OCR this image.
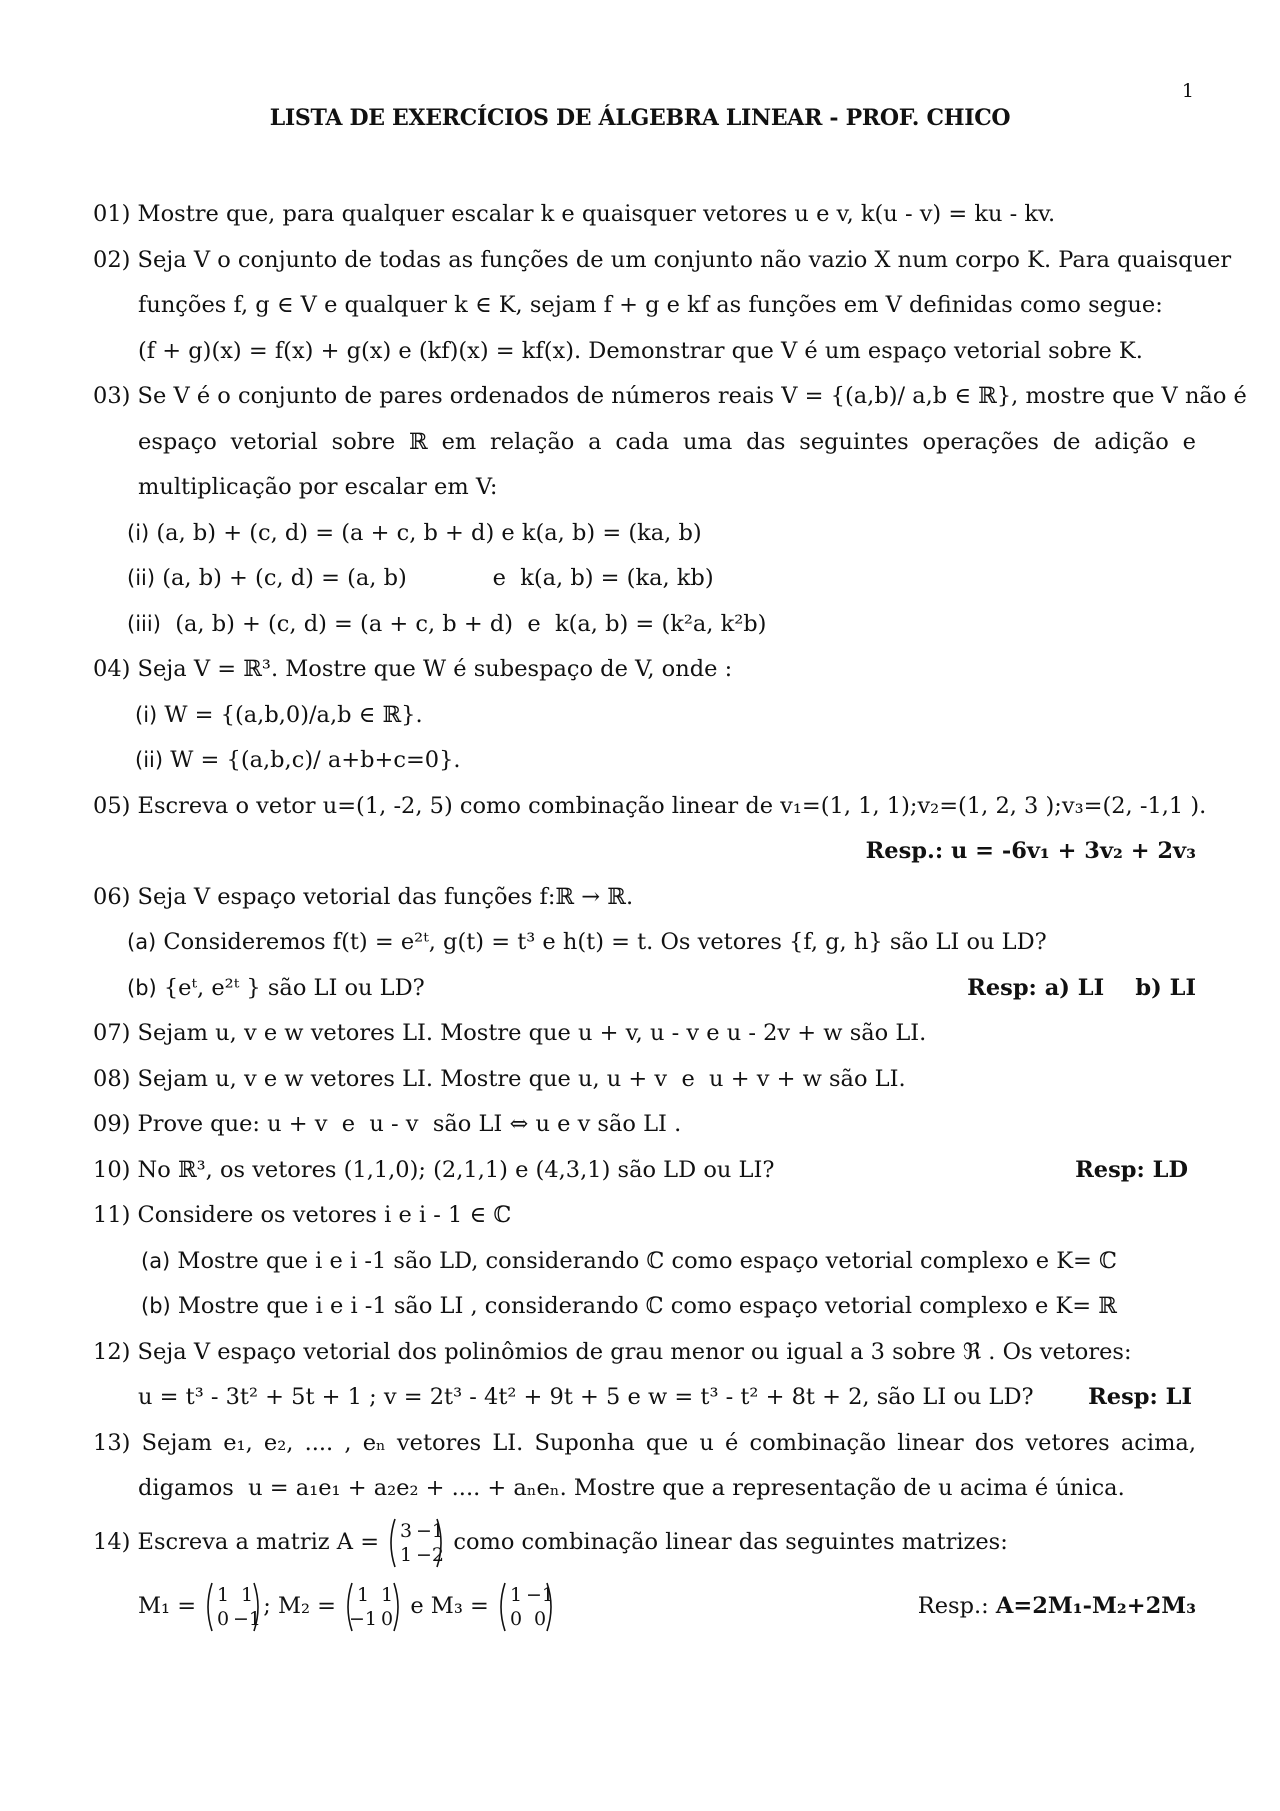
1
LISTA DE EXERCÍCIOS DE ÁLGEBRA LINEAR - PROF. CHICO
01) Mostre que, para qualquer escalar k e quaisquer vetores u e v, k(u - v) = ku - kv.
02) Seja V o conjunto de todas as funções de um conjunto não vazio X num corpo K. Para quaisquer
funções f, g ∈ V e qualquer k ∈ K, sejam f + g e kf as funções em V definidas como segue:
(f + g)(x) = f(x) + g(x) e (kf)(x) = kf(x). Demonstrar que V é um espaço vetorial sobre K.
03) Se V é o conjunto de pares ordenados de números reais V = {(a,b)/ a,b ∈ ℝ}, mostre que V não é
espaço vetorial sobre ℝ em relação a cada uma das seguintes operações de adição e
multiplicação por escalar em V:
(i) (a, b) + (c, d) = (a + c, b + d) e k(a, b) = (ka, b)
(ii) (a, b) + (c, d) = (a, b)            e  k(a, b) = (ka, kb)
(iii)  (a, b) + (c, d) = (a + c, b + d)  e  k(a, b) = (k²a, k²b)
04) Seja V = ℝ³. Mostre que W é subespaço de V, onde :
(i) W = {(a,b,0)/a,b ∈ ℝ}.
(ii) W = {(a,b,c)/ a+b+c=0}.
05) Escreva o vetor u=(1, -2, 5) como combinação linear de v₁=(1, 1, 1);v₂=(1, 2, 3 );v₃=(2, -1,1 ).
Resp.: u = -6v₁ + 3v₂ + 2v₃
06) Seja V espaço vetorial das funções f:ℝ → ℝ.
(a) Consideremos f(t) = e²ᵗ, g(t) = t³ e h(t) = t. Os vetores {f, g, h} são LI ou LD?
(b) {eᵗ, e²ᵗ } são LI ou LD?	Resp: a) LI    b) LI
07) Sejam u, v e w vetores LI. Mostre que u + v, u - v e u - 2v + w são LI.
08) Sejam u, v e w vetores LI. Mostre que u, u + v  e  u + v + w são LI.
09) Prove que: u + v  e  u - v  são LI ⇔ u e v são LI .
10) No ℝ³, os vetores (1,1,0); (2,1,1) e (4,3,1) são LD ou LI?	Resp: LD
11) Considere os vetores i e i - 1 ∈ ℂ
(a) Mostre que i e i -1 são LD, considerando ℂ como espaço vetorial complexo e K= ℂ
(b) Mostre que i e i -1 são LI , considerando ℂ como espaço vetorial complexo e K= ℝ
12) Seja V espaço vetorial dos polinômios de grau menor ou igual a 3 sobre ℜ . Os vetores:
u = t³ - 3t² + 5t + 1 ; v = 2t³ - 4t² + 9t + 5 e w = t³ - t² + 8t + 2, são LI ou LD? Resp: LI
13) Sejam e₁, e₂, .... , eₙ vetores LI. Suponha que u é combinação linear dos vetores acima,
digamos  u = a₁e₁ + a₂e₂ + .... + aₙeₙ. Mostre que a representação de u acima é única.
14) Escreva a matriz A = 3 −1
1 −2 como combinação linear das seguintes matrizes:
M₁ = 1 1
0 −1 ; M₂ = 1 1
−1 0 e M₃ = 1 −1
0 0	Resp.: A=2M₁-M₂+2M₃
